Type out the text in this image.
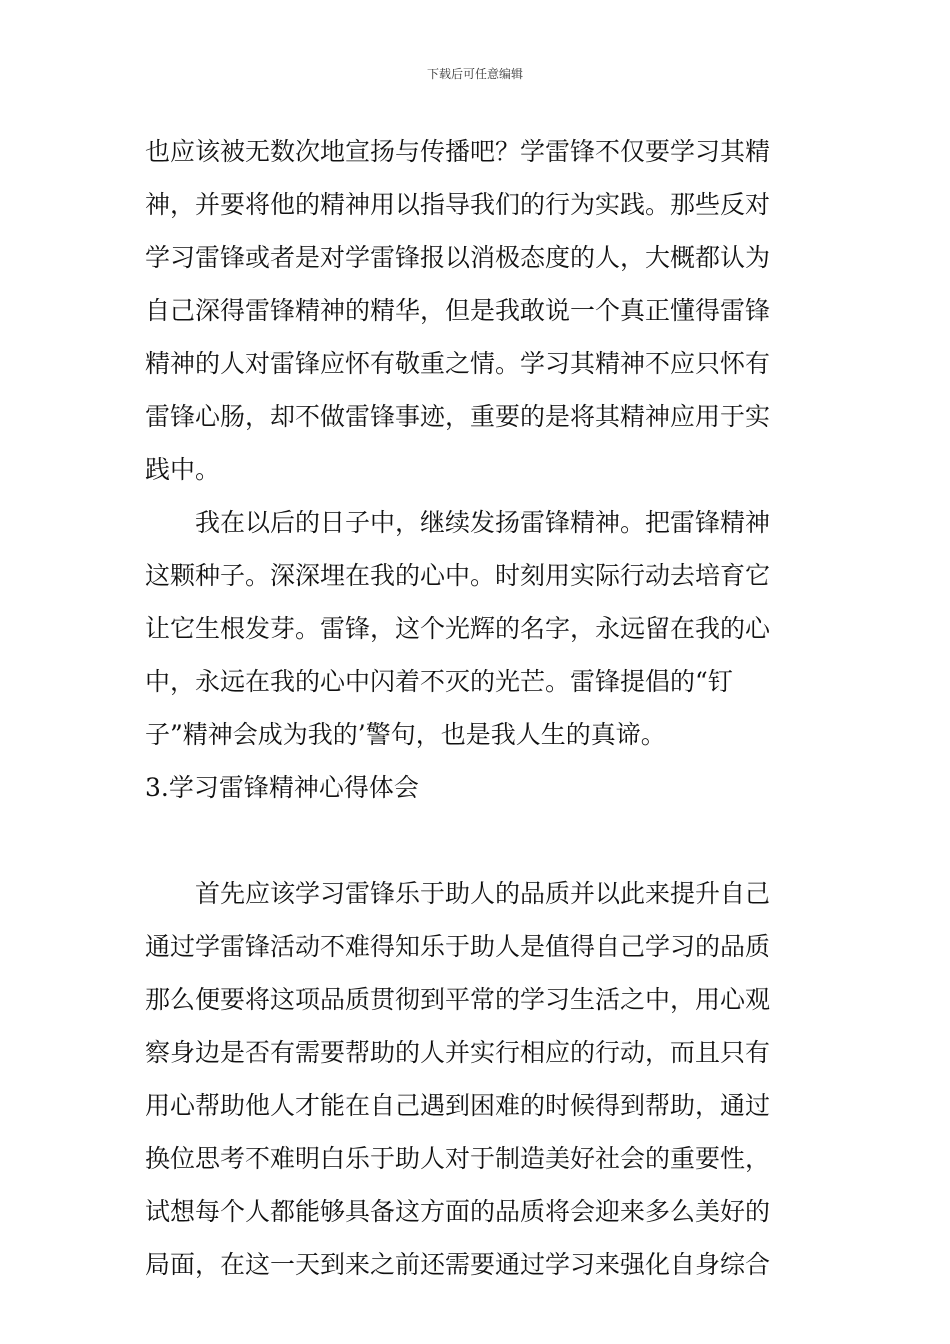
下载后可任意编辑
也应该被无数次地宣扬与传播吧？学雷锋不仅要学习其精
神，并要将他的精神用以指导我们的行为实践。那些反对
学习雷锋或者是对学雷锋报以消极态度的人，大概都认为
自己深得雷锋精神的精华，但是我敢说一个真正懂得雷锋
精神的人对雷锋应怀有敬重之情。学习其精神不应只怀有
雷锋心肠，却不做雷锋事迹，重要的是将其精神应用于实
践中。
　　我在以后的日子中，继续发扬雷锋精神。把雷锋精神
这颗种子。深深埋在我的心中。时刻用实际行动去培育它
让它生根发芽。雷锋，这个光辉的名字，永远留在我的心
中，永远在我的心中闪着不灭的光芒。雷锋提倡的“钉
子”精神会成为我的’警句，也是我人生的真谛。
3.学习雷锋精神心得体会
　　首先应该学习雷锋乐于助人的品质并以此来提升自己
通过学雷锋活动不难得知乐于助人是值得自己学习的品质
那么便要将这项品质贯彻到平常的学习生活之中，用心观
察身边是否有需要帮助的人并实行相应的行动，而且只有
用心帮助他人才能在自己遇到困难的时候得到帮助，通过
换位思考不难明白乐于助人对于制造美好社会的重要性，
试想每个人都能够具备这方面的品质将会迎来多么美好的
局面，在这一天到来之前还需要通过学习来强化自身综合
